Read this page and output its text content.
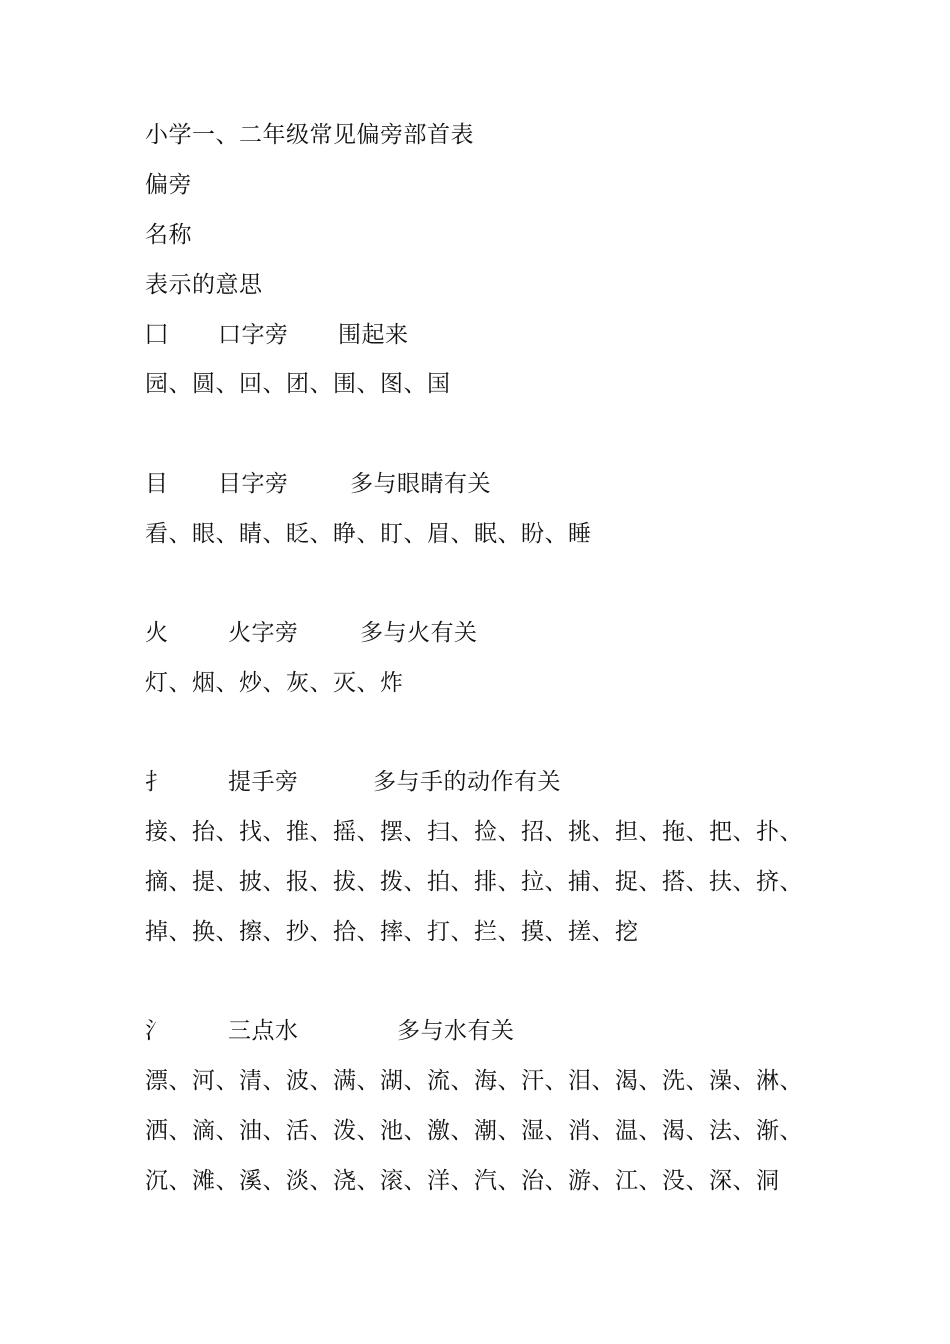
小学一、二年级常见偏旁部首表
偏旁
名称
表示的意思
囗 口字旁 围起来
园、圆、回、团、围、图、国
目 目字旁	多与眼睛有关
看、眼、睛、眨、睁、盯、眉、眠、盼、睡
火	火字旁	多与火有关
灯、烟、炒、灰、灭、炸
扌	提手旁	多与手的动作有关
接、抬、找、推、摇、摆、扫、捡、招、挑、担、拖、把、扑、
摘、提、披、报、拔、拨、拍、排、拉、捕、捉、搭、扶、挤、
掉、换、擦、抄、拾、摔、打、拦、摸、搓、挖
氵	三点水	多与水有关
漂、河、清、波、满、湖、流、海、汗、泪、渴、洗、澡、淋、
洒、滴、油、活、泼、池、激、潮、湿、消、温、渴、法、渐、
沉、滩、溪、淡、浇、滚、洋、汽、治、游、江、没、深、洞
